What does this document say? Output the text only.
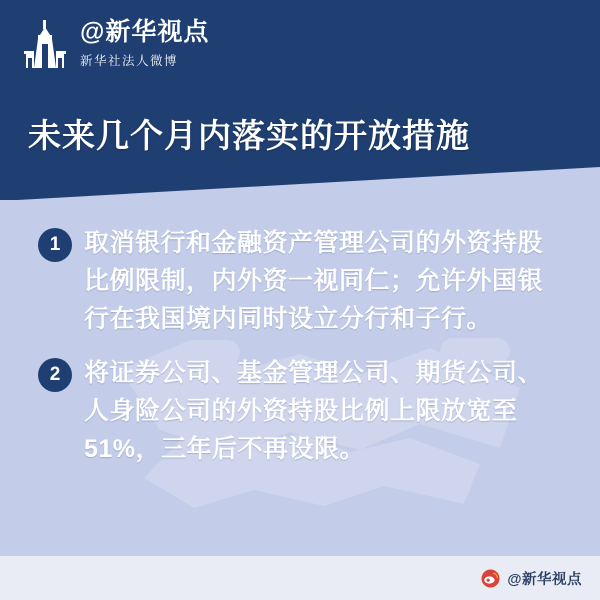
@新华视点
新华社法人微博
未来几个月内落实的开放措施
1 取消银行和金融资产管理公司的外资持股比例限制，内外资一视同仁；允许外国银行在我国境内同时设立分行和子行。
2 将证券公司、基金管理公司、期货公司、人身险公司的外资持股比例上限放宽至51%，三年后不再设限。
@新华视点
